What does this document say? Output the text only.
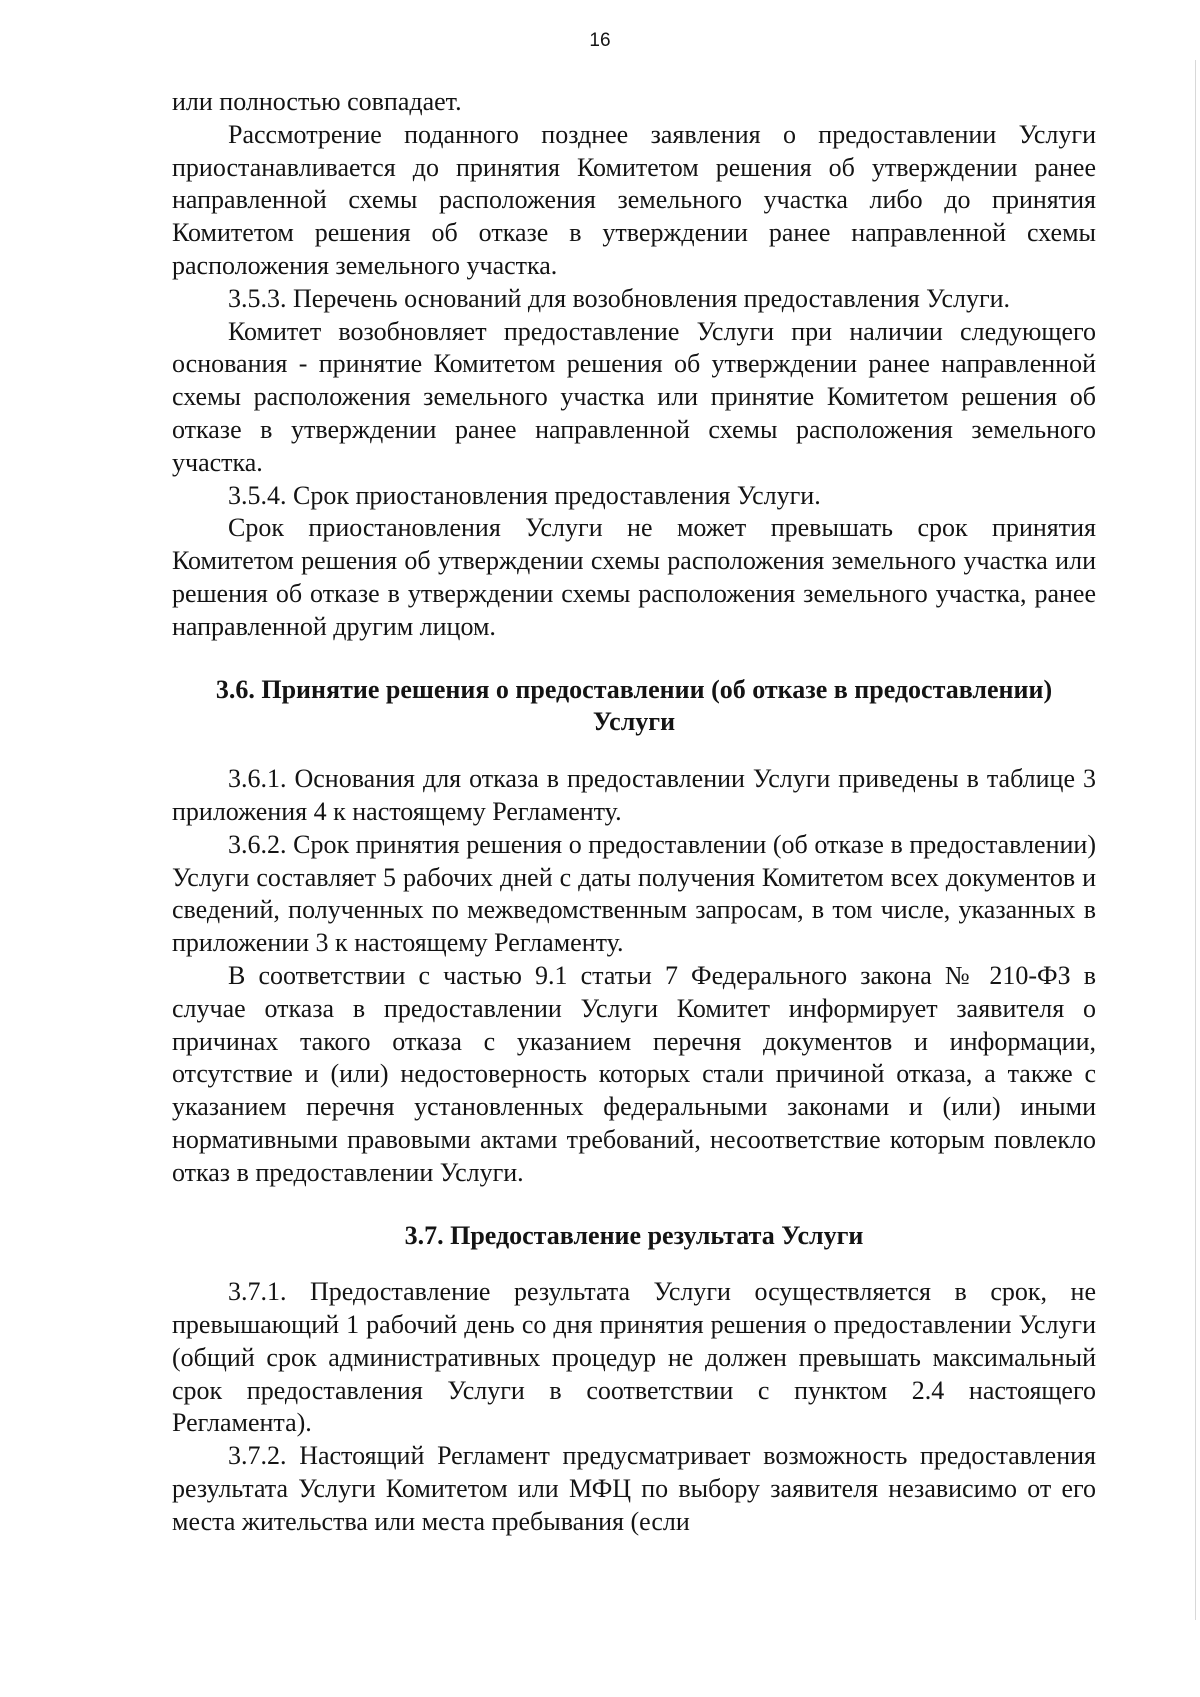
16

или полностью совпадает.

Рассмотрение поданного позднее заявления о предоставлении Услуги приостанавливается до принятия Комитетом решения об утверждении ранее направленной схемы расположения земельного участка либо до принятия Комитетом решения об отказе в утверждении ранее направленной схемы расположения земельного участка.

3.5.3. Перечень оснований для возобновления предоставления Услуги.

Комитет возобновляет предоставление Услуги при наличии следующего основания - принятие Комитетом решения об утверждении ранее направленной схемы расположения земельного участка или принятие Комитетом решения об отказе в утверждении ранее направленной схемы расположения земельного участка.

3.5.4. Срок приостановления предоставления Услуги.

Срок приостановления Услуги не может превышать срок принятия Комитетом решения об утверждении схемы расположения земельного участка или решения об отказе в утверждении схемы расположения земельного участка, ранее направленной другим лицом.

3.6. Принятие решения о предоставлении (об отказе в предоставлении) Услуги

3.6.1. Основания для отказа в предоставлении Услуги приведены в таблице 3 приложения 4 к настоящему Регламенту.

3.6.2. Срок принятия решения о предоставлении (об отказе в предоставлении) Услуги составляет 5 рабочих дней с даты получения Комитетом всех документов и сведений, полученных по межведомственным запросам, в том числе, указанных в приложении 3 к настоящему Регламенту.

В соответствии с частью 9.1 статьи 7 Федерального закона № 210-ФЗ в случае отказа в предоставлении Услуги Комитет информирует заявителя о причинах такого отказа с указанием перечня документов и информации, отсутствие и (или) недостоверность которых стали причиной отказа, а также с указанием перечня установленных федеральными законами и (или) иными нормативными правовыми актами требований, несоответствие которым повлекло отказ в предоставлении Услуги.

3.7. Предоставление результата Услуги

3.7.1. Предоставление результата Услуги осуществляется в срок, не превышающий 1 рабочий день со дня принятия решения о предоставлении Услуги (общий срок административных процедур не должен превышать максимальный срок предоставления Услуги в соответствии с пунктом 2.4 настоящего Регламента).

3.7.2. Настоящий Регламент предусматривает возможность предоставления результата Услуги Комитетом или МФЦ по выбору заявителя независимо от его места жительства или места пребывания (если
